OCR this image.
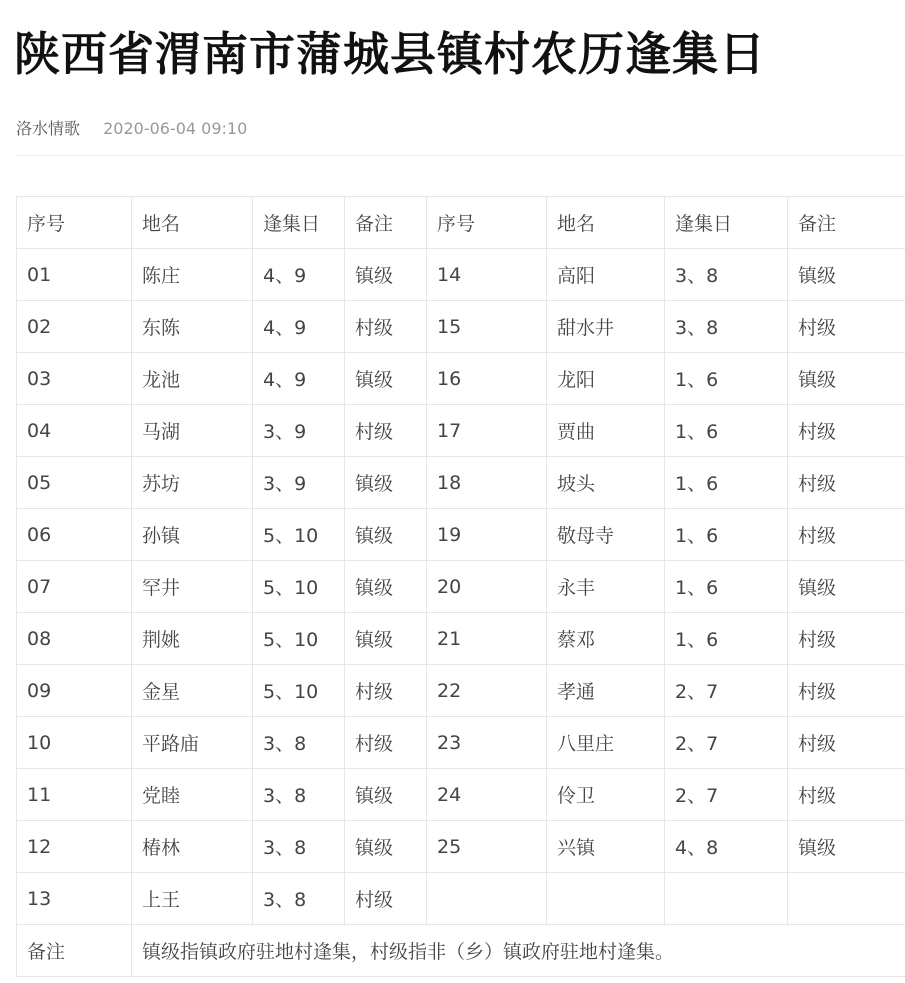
陕西省渭南市蒲城县镇村农历逢集日
洛水情歌 2020-06-04 09:10
序号	地名	逢集日	备注	序号	地名	逢集日	备注
01	陈庄	4、9	镇级	14	高阳	3、8	镇级
02	东陈	4、9	村级	15	甜水井	3、8	村级
03	龙池	4、9	镇级	16	龙阳	1、6	镇级
04	马湖	3、9	村级	17	贾曲	1、6	村级
05	苏坊	3、9	镇级	18	坡头	1、6	村级
06	孙镇	5、10	镇级	19	敬母寺	1、6	村级
07	罕井	5、10	镇级	20	永丰	1、6	镇级
08	荆姚	5、10	镇级	21	蔡邓	1、6	村级
09	金星	5、10	村级	22	孝通	2、7	村级
10	平路庙	3、8	村级	23	八里庄	2、7	村级
11	党睦	3、8	镇级	24	伶卫	2、7	村级
12	椿林	3、8	镇级	25	兴镇	4、8	镇级
13	上王	3、8	村级				
备注	镇级指镇政府驻地村逢集，村级指非（乡）镇政府驻地村逢集。						
